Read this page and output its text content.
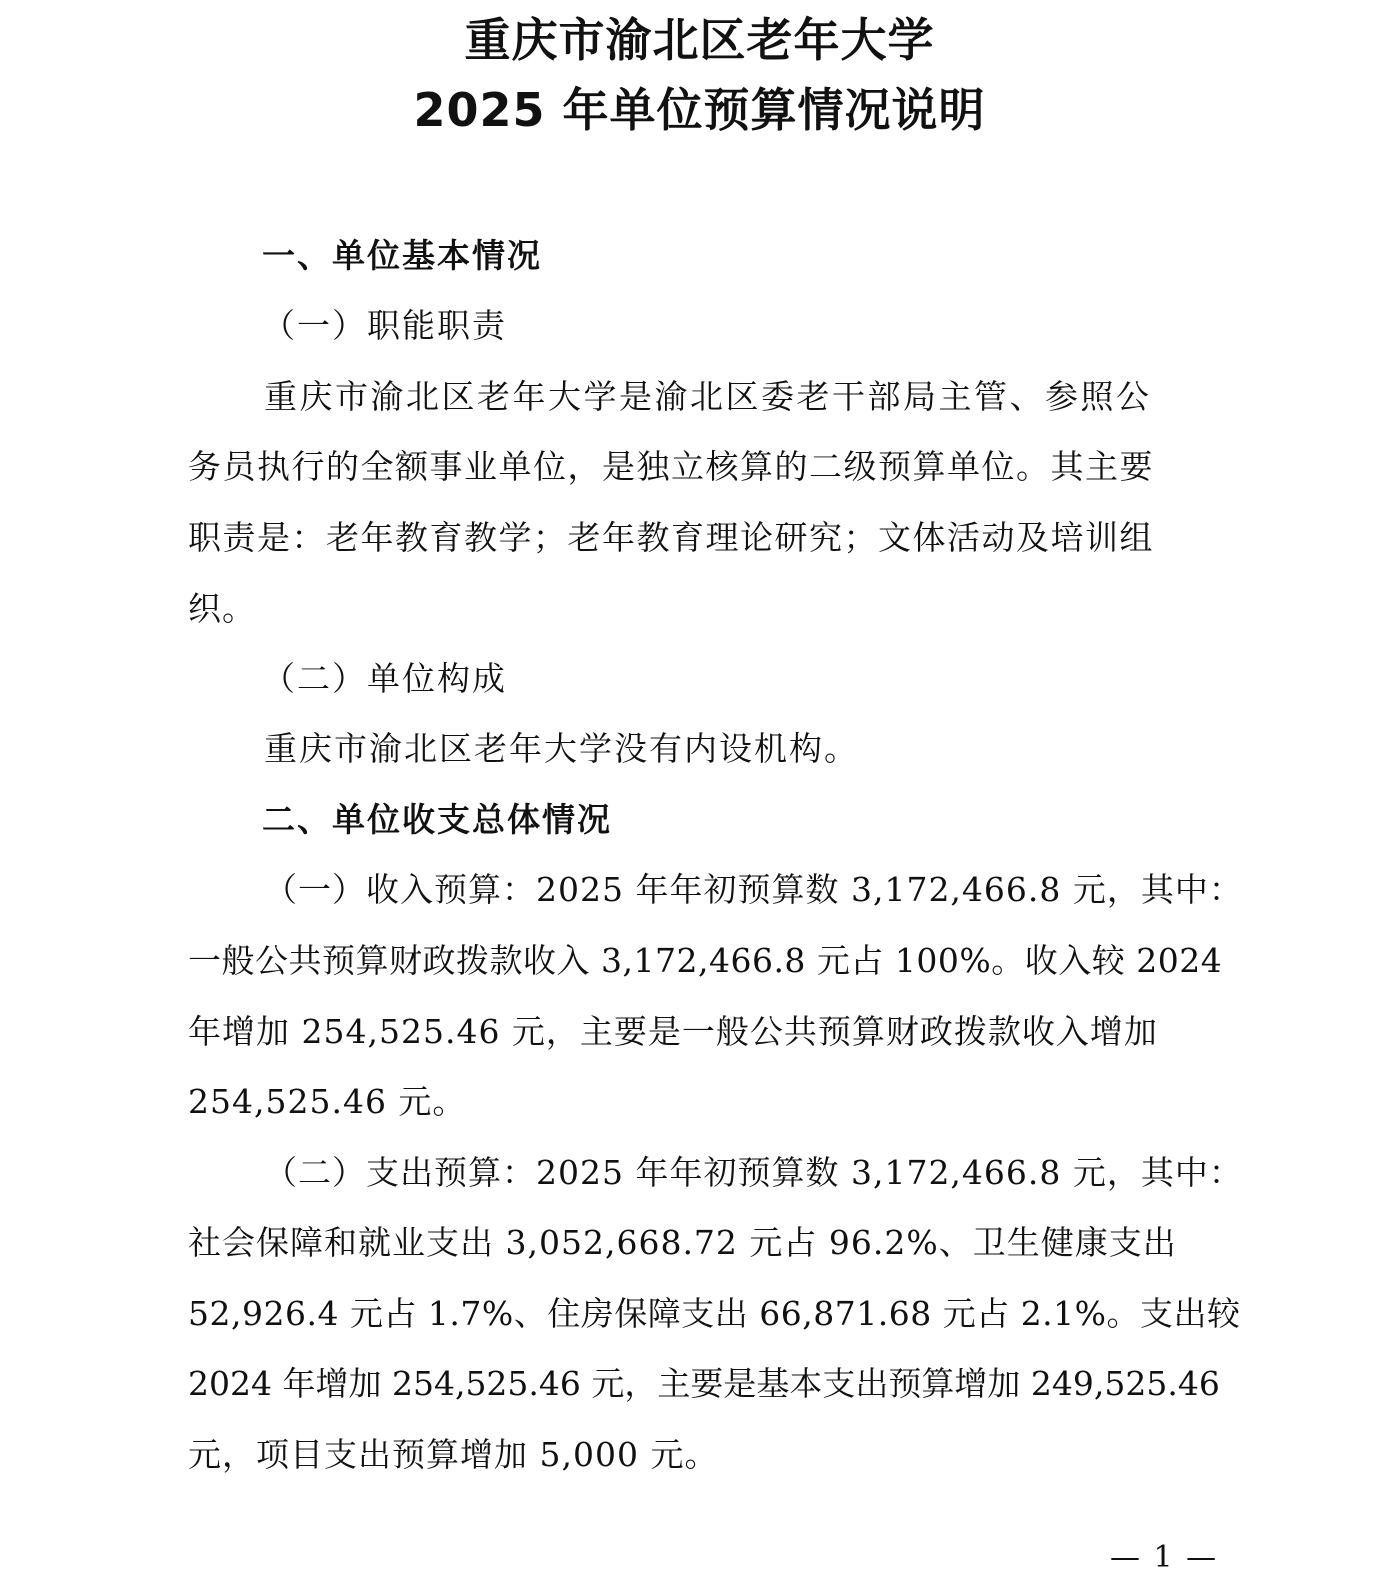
重庆市渝北区老年大学
2025 年单位预算情况说明
一、单位基本情况
（一）职能职责
重庆市渝北区老年大学是渝北区委老干部局主管、参照公
务员执行的全额事业单位，是独立核算的二级预算单位。其主要
职责是：老年教育教学；老年教育理论研究；文体活动及培训组
织。
（二）单位构成
重庆市渝北区老年大学没有内设机构。
二、单位收支总体情况
（一）收入预算：2025 年年初预算数 3,172,466.8 元，其中：
一般公共预算财政拨款收入 3,172,466.8 元占 100%。收入较 2024
年增加 254,525.46 元，主要是一般公共预算财政拨款收入增加
254,525.46 元。
（二）支出预算：2025 年年初预算数 3,172,466.8 元，其中：
社会保障和就业支出 3,052,668.72 元占 96.2%、卫生健康支出
52,926.4 元占 1.7%、住房保障支出 66,871.68 元占 2.1%。支出较
2024 年增加 254,525.46 元，主要是基本支出预算增加 249,525.46
元，项目支出预算增加 5,000 元。
— 1 —
